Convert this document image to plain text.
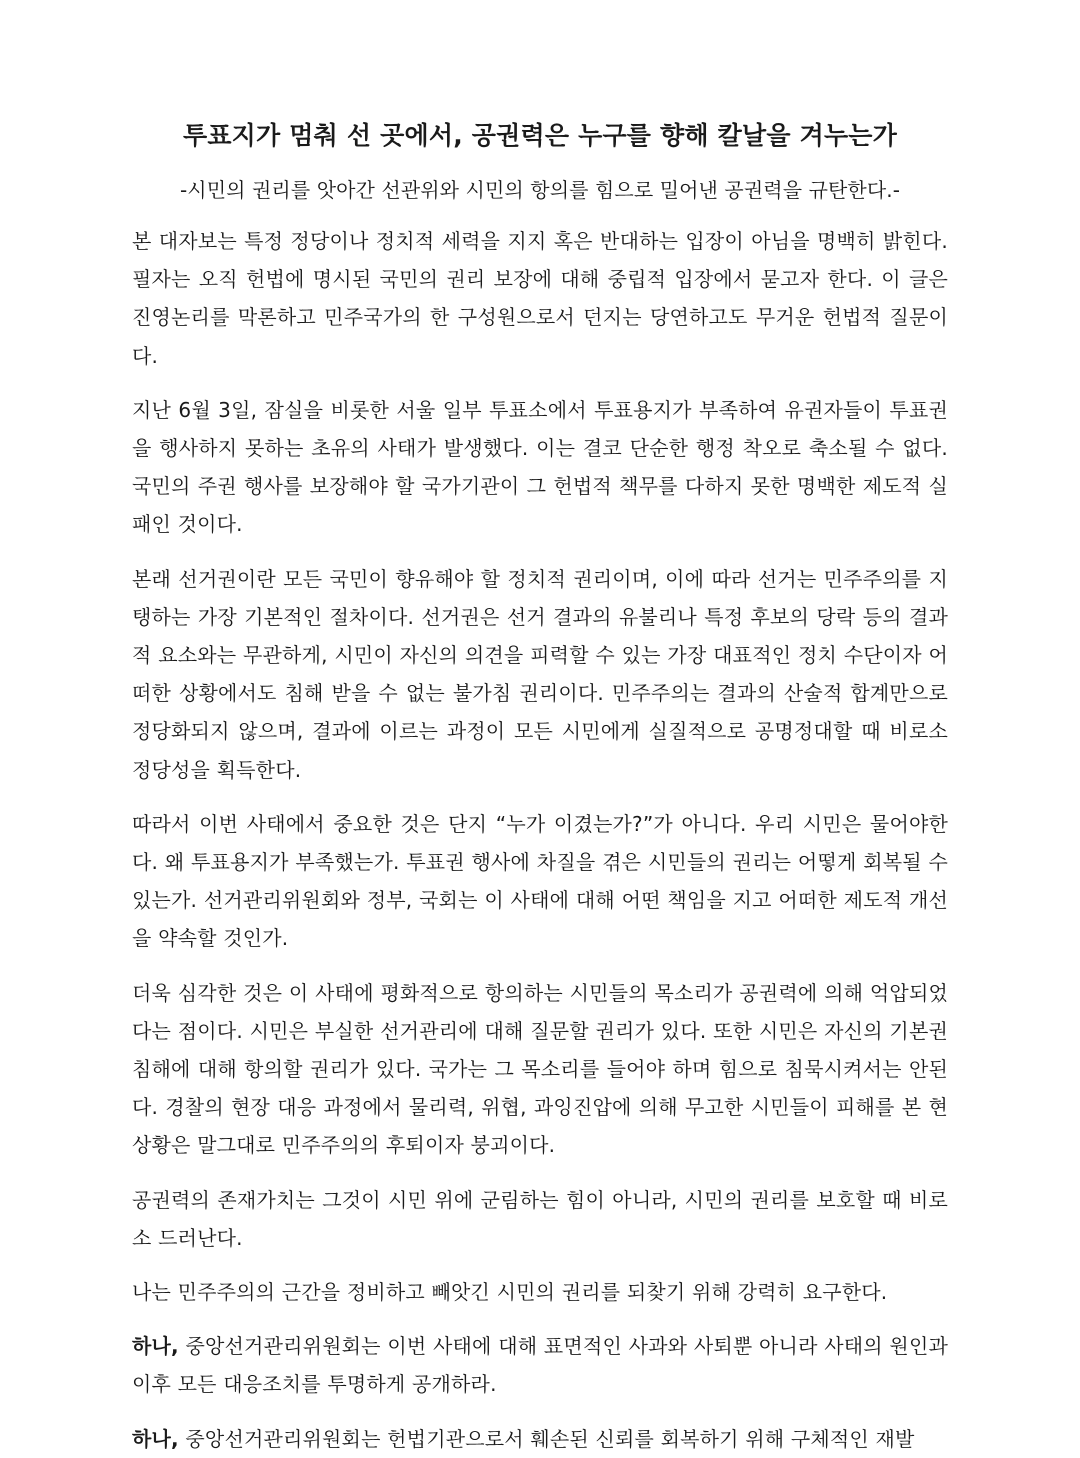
투표지가 멈춰 선 곳에서, 공권력은 누구를 향해 칼날을 겨누는가
-시민의 권리를 앗아간 선관위와 시민의 항의를 힘으로 밀어낸 공권력을 규탄한다.-

본 대자보는 특정 정당이나 정치적 세력을 지지 혹은 반대하는 입장이 아님을 명백히 밝힌다. 필자는 오직 헌법에 명시된 국민의 권리 보장에 대해 중립적 입장에서 묻고자 한다. 이 글은 진영논리를 막론하고 민주국가의 한 구성원으로서 던지는 당연하고도 무거운 헌법적 질문이다.

지난 6월 3일, 잠실을 비롯한 서울 일부 투표소에서 투표용지가 부족하여 유권자들이 투표권을 행사하지 못하는 초유의 사태가 발생했다. 이는 결코 단순한 행정 착오로 축소될 수 없다. 국민의 주권 행사를 보장해야 할 국가기관이 그 헌법적 책무를 다하지 못한 명백한 제도적 실패인 것이다.

본래 선거권이란 모든 국민이 향유해야 할 정치적 권리이며, 이에 따라 선거는 민주주의를 지탱하는 가장 기본적인 절차이다. 선거권은 선거 결과의 유불리나 특정 후보의 당락 등의 결과적 요소와는 무관하게, 시민이 자신의 의견을 피력할 수 있는 가장 대표적인 정치 수단이자 어떠한 상황에서도 침해 받을 수 없는 불가침 권리이다. 민주주의는 결과의 산술적 합계만으로 정당화되지 않으며, 결과에 이르는 과정이 모든 시민에게 실질적으로 공명정대할 때 비로소 정당성을 획득한다.

따라서 이번 사태에서 중요한 것은 단지 “누가 이겼는가?”가 아니다. 우리 시민은 물어야한다. 왜 투표용지가 부족했는가. 투표권 행사에 차질을 겪은 시민들의 권리는 어떻게 회복될 수 있는가. 선거관리위원회와 정부, 국회는 이 사태에 대해 어떤 책임을 지고 어떠한 제도적 개선을 약속할 것인가.

더욱 심각한 것은 이 사태에 평화적으로 항의하는 시민들의 목소리가 공권력에 의해 억압되었다는 점이다. 시민은 부실한 선거관리에 대해 질문할 권리가 있다. 또한 시민은 자신의 기본권 침해에 대해 항의할 권리가 있다. 국가는 그 목소리를 들어야 하며 힘으로 침묵시켜서는 안된다. 경찰의 현장 대응 과정에서 물리력, 위협, 과잉진압에 의해 무고한 시민들이 피해를 본 현 상황은 말그대로 민주주의의 후퇴이자 붕괴이다.

공권력의 존재가치는 그것이 시민 위에 군림하는 힘이 아니라, 시민의 권리를 보호할 때 비로소 드러난다.

나는 민주주의의 근간을 정비하고 빼앗긴 시민의 권리를 되찾기 위해 강력히 요구한다.

하나, 중앙선거관리위원회는 이번 사태에 대해 표면적인 사과와 사퇴뿐 아니라 사태의 원인과 이후 모든 대응조치를 투명하게 공개하라.

하나, 중앙선거관리위원회는 헌법기관으로서 훼손된 신뢰를 회복하기 위해 구체적인 재발
